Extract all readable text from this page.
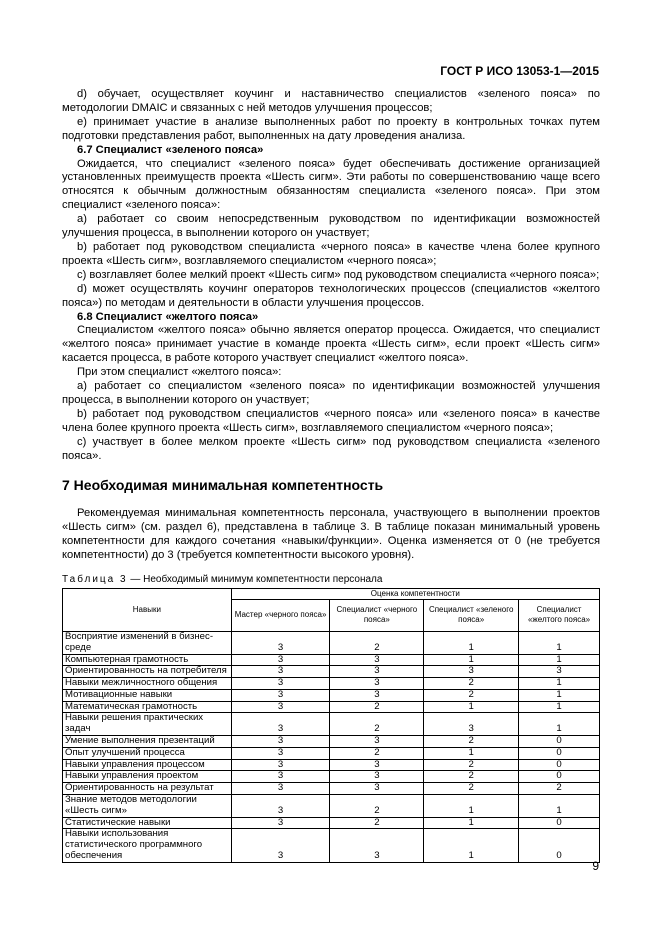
ГОСТ Р ИСО 13053-1—2015

d) обучает, осуществляет коучинг и наставничество специалистов «зеленого пояса» по методологии DMAIC и связанных с ней методов улучшения процессов;

e) принимает участие в анализе выполненных работ по проекту в контрольных точках путем подготовки представления работ, выполненных на дату лроведения анализа.

6.7 Специалист «зеленого пояса»

Ожидается, что специалист «зеленого пояса» будет обеспечивать достижение организацией установленных преимуществ проекта «Шесть сигм». Эти работы по совершенствованию чаще всего относятся к обычным должностным обязанностям специалиста «зеленого пояса». При этом специалист «зеленого пояса»:

a) работает со своим непосредственным руководством по идентификации возможностей улучшения процесса, в выполнении которого он участвует;

b) работает под руководством специалиста «черного пояса» в качестве члена более крупного проекта «Шесть сигм», возглавляемого специалистом «черного пояса»;

c) возглавляет более мелкий проект «Шесть сигм» под руководством специалиста «черного пояса»;

d) может осуществлять коучинг операторов технологических процессов (специалистов «желтого пояса») по методам и деятельности в области улучшения процессов.

6.8 Специалист «желтого пояса»

Специалистом «желтого пояса» обычно является оператор процесса. Ожидается, что специалист «желтого пояса» принимает участие в команде проекта «Шесть сигм», если проект «Шесть сигм» касается процесса, в работе которого участвует специалист «желтого пояса».

При этом специалист «желтого пояса»:

a) работает со специалистом «зеленого пояса» по идентификации возможностей улучшения процесса, в выполнении которого он участвует;

b) работает под руководством специалистов «черного пояса» или «зеленого пояса» в качестве члена более крупного проекта «Шесть сигм», возглавляемого специалистом «черного пояса»;

c) участвует в более мелком проекте «Шесть сигм» под руководством специалиста «зеленого пояса».

7 Необходимая минимальная компетентность

Рекомендуемая минимальная компетентность персонала, участвующего в выполнении проектов «Шесть сигм» (см. раздел 6), представлена в таблице 3. В таблице показан минимальный уровень компетентности для каждого сочетания «навыки/функции». Оценка изменяется от 0 (не требуется компетентности) до 3 (требуется компетентности высокого уровня).

Таблица 3 — Необходимый минимум компетентности персонала
Навыки	Оценка компетентности			
	Мастер «черного пояса»	Специалист «черного пояса»	Специалист «зеленого пояса»	Специалист «желтого пояса»
Восприятие изменений в бизнес-среде	3	2	1	1
Компьютерная грамотность	3	3	1	1
Ориентированность на потребителя	3	3	3	3
Навыки межличностного общения	3	3	2	1
Мотивационные навыки	3	3	2	1
Математическая грамотность	3	2	1	1
Навыки решения практических задач	3	2	3	1
Умение выполнения презентаций	3	3	2	0
Опыт улучшений процесса	3	2	1	0
Навыки управления процессом	3	3	2	0
Навыки управления проектом	3	3	2	0
Ориентированность на результат	3	3	2	2
Знание методов методологии «Шесть сигм»	3	2	1	1
Статистические навыки	3	2	1	0
Навыки использования статистического программного обеспечения	3	3	1	0
9
